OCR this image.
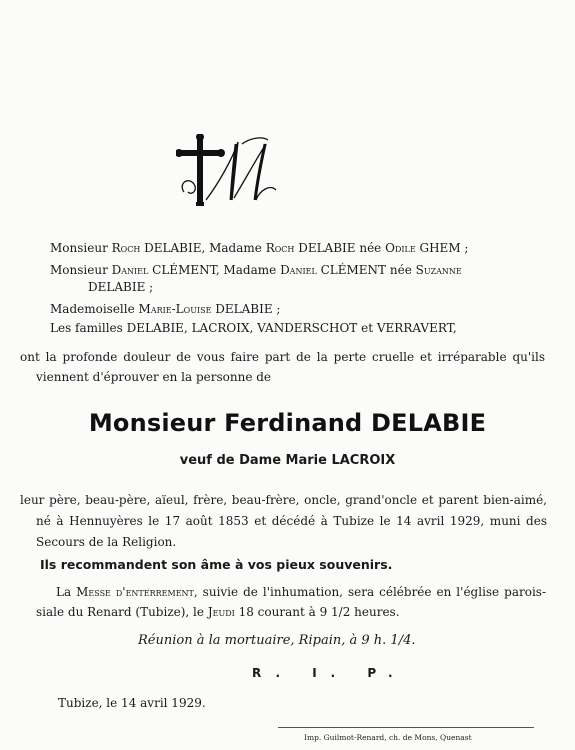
Monsieur Roch DELABIE, Madame Roch DELABIE née Odile GHEM ;
Monsieur Daniel CLÉMENT, Madame Daniel CLÉMENT née Suzanne
DELABIE ;
Mademoiselle Marie-Louise DELABIE ;
Les familles DELABIE, LACROIX, VANDERSCHOT et VERRAVERT,
ont la profonde douleur de vous faire part de la perte cruelle et irréparable qu'ils
viennent d'éprouver en la personne de
Monsieur Ferdinand DELABIE
veuf de Dame Marie LACROIX
leur père, beau-père, aïeul, frère, beau-frère, oncle, grand'oncle et parent bien-aimé,
né à Hennuyères le 17 août 1853 et décédé à Tubize le 14 avril 1929, muni des
Secours de la Religion.
Ils recommandent son âme à vos pieux souvenirs.
La Messe d'enterrement, suivie de l'inhumation, sera célébrée en l'église parois-
siale du Renard (Tubize), le Jeudi 18 courant à 9 1/2 heures.
Réunion à la mortuaire, Ripain, à 9 h. 1/4.
R. I. P.
Tubize, le 14 avril 1929.
Imp. Guilmot-Renard, ch. de Mons, Quenast
